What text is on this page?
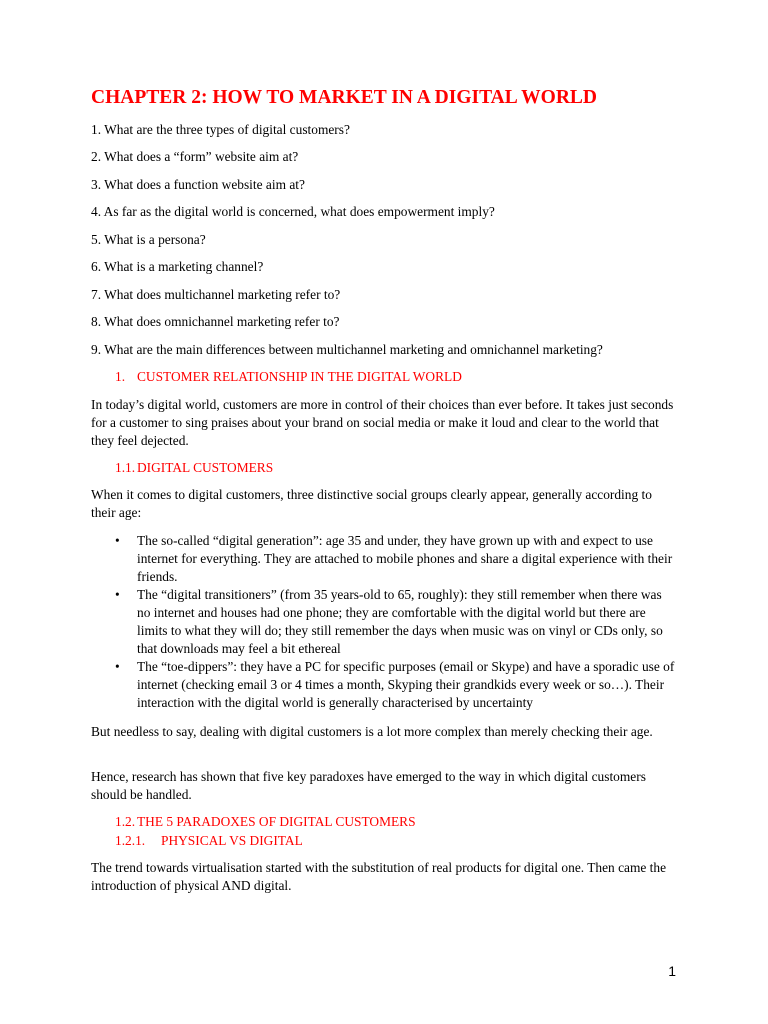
CHAPTER 2: HOW TO MARKET IN A DIGITAL WORLD
1. What are the three types of digital customers?
2. What does a “form” website aim at?
3. What does a function website aim at?
4. As far as the digital world is concerned, what does empowerment imply?
5. What is a persona?
6. What is a marketing channel?
7. What does multichannel marketing refer to?
8. What does omnichannel marketing refer to?
9. What are the main differences between multichannel marketing and omnichannel marketing?
1. CUSTOMER RELATIONSHIP IN THE DIGITAL WORLD
In today’s digital world, customers are more in control of their choices than ever before. It takes just seconds for a customer to sing praises about your brand on social media or make it loud and clear to the world that they feel dejected.
1.1. DIGITAL CUSTOMERS
When it comes to digital customers, three distinctive social groups clearly appear, generally according to their age:

• The so-called “digital generation”: age 35 and under, they have grown up with and expect to use internet for everything. They are attached to mobile phones and share a digital experience with their friends.

• The “digital transitioners” (from 35 years-old to 65, roughly): they still remember when there was no internet and houses had one phone; they are comfortable with the digital world but there are limits to what they will do; they still remember the days when music was on vinyl or CDs only, so that downloads may feel a bit ethereal

• The “toe-dippers”: they have a PC for specific purposes (email or Skype) and have a sporadic use of internet (checking email 3 or 4 times a month, Skyping their grandkids every week or so…). Their interaction with the digital world is generally characterised by uncertainty

But needless to say, dealing with digital customers is a lot more complex than merely checking their age.
Hence, research has shown that five key paradoxes have emerged to the way in which digital customers should be handled.
1.2. THE 5 PARADOXES OF DIGITAL CUSTOMERS
1.2.1. PHYSICAL VS DIGITAL
The trend towards virtualisation started with the substitution of real products for digital one. Then came the introduction of physical AND digital.
1
